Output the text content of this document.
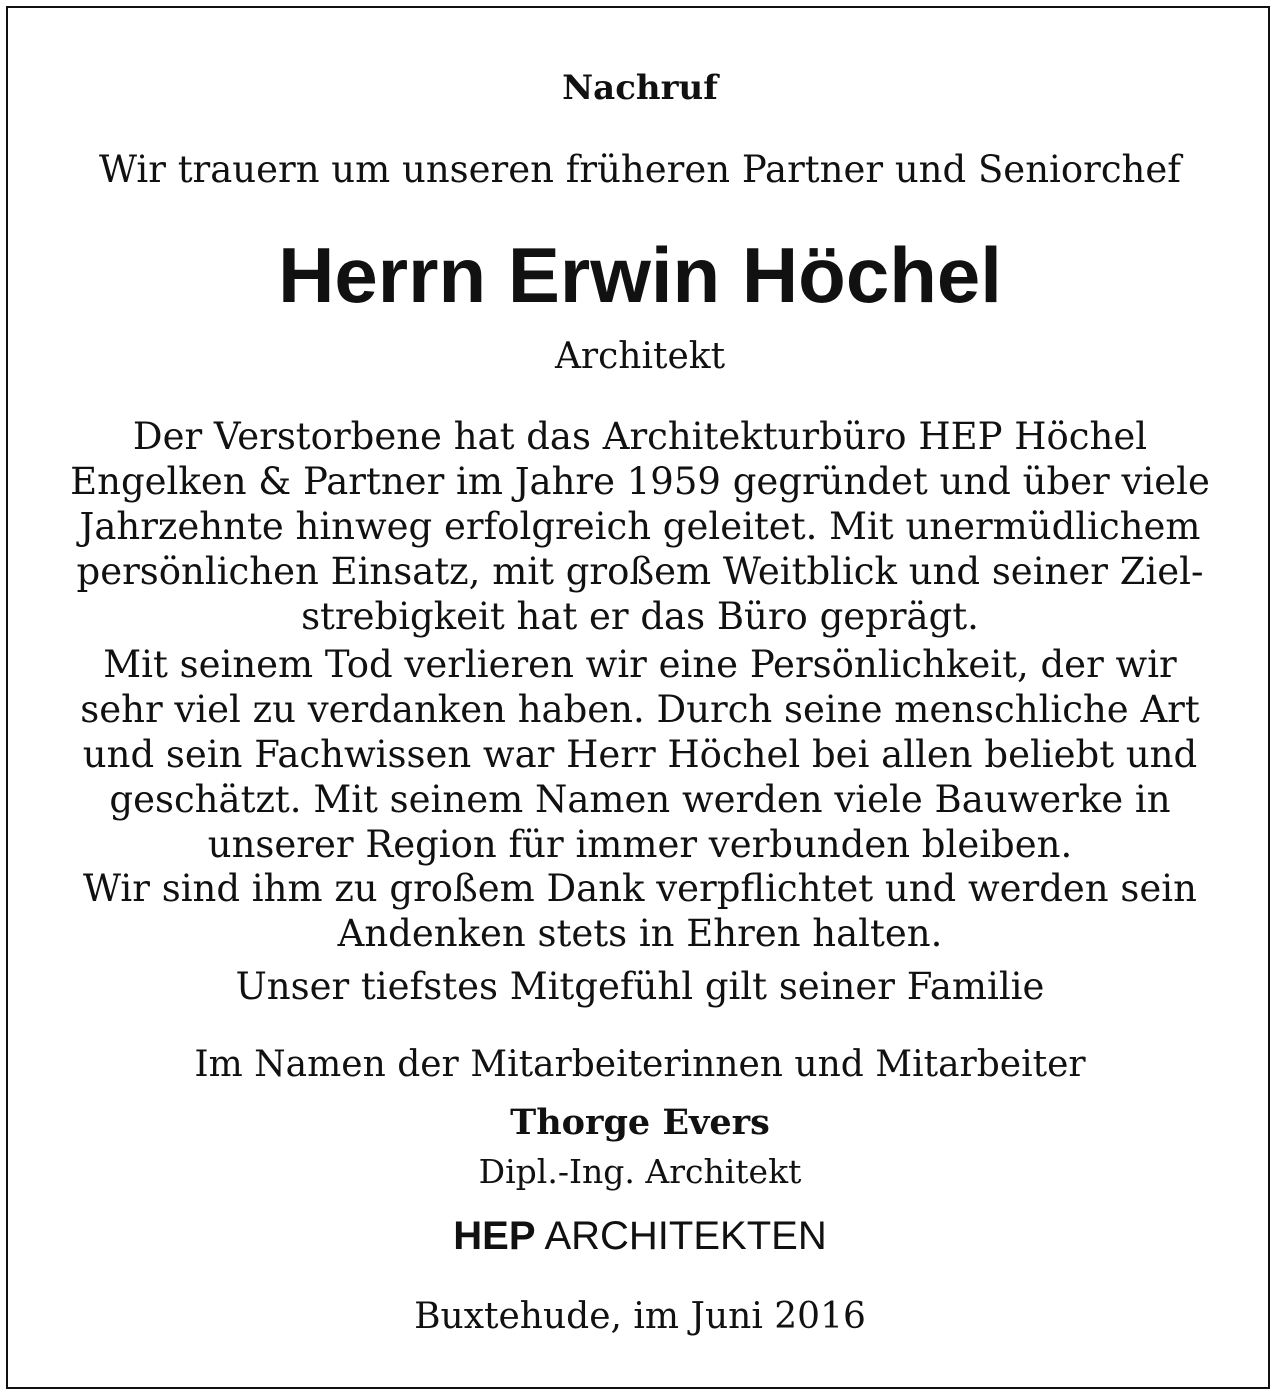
Nachruf
Wir trauern um unseren früheren Partner und Seniorchef
Herrn Erwin Höchel
Architekt
Der Verstorbene hat das Architekturbüro HEP Höchel
Engelken & Partner im Jahre 1959 gegründet und über viele
Jahrzehnte hinweg erfolgreich geleitet. Mit unermüdlichem
persönlichen Einsatz, mit großem Weitblick und seiner Ziel-
strebigkeit hat er das Büro geprägt.
Mit seinem Tod verlieren wir eine Persönlichkeit, der wir
sehr viel zu verdanken haben. Durch seine menschliche Art
und sein Fachwissen war Herr Höchel bei allen beliebt und
geschätzt. Mit seinem Namen werden viele Bauwerke in
unserer Region für immer verbunden bleiben.
Wir sind ihm zu großem Dank verpflichtet und werden sein
Andenken stets in Ehren halten.
Unser tiefstes Mitgefühl gilt seiner Familie
Im Namen der Mitarbeiterinnen und Mitarbeiter
Thorge Evers
Dipl.-Ing. Architekt
HEP ARCHITEKTEN
Buxtehude, im Juni 2016
